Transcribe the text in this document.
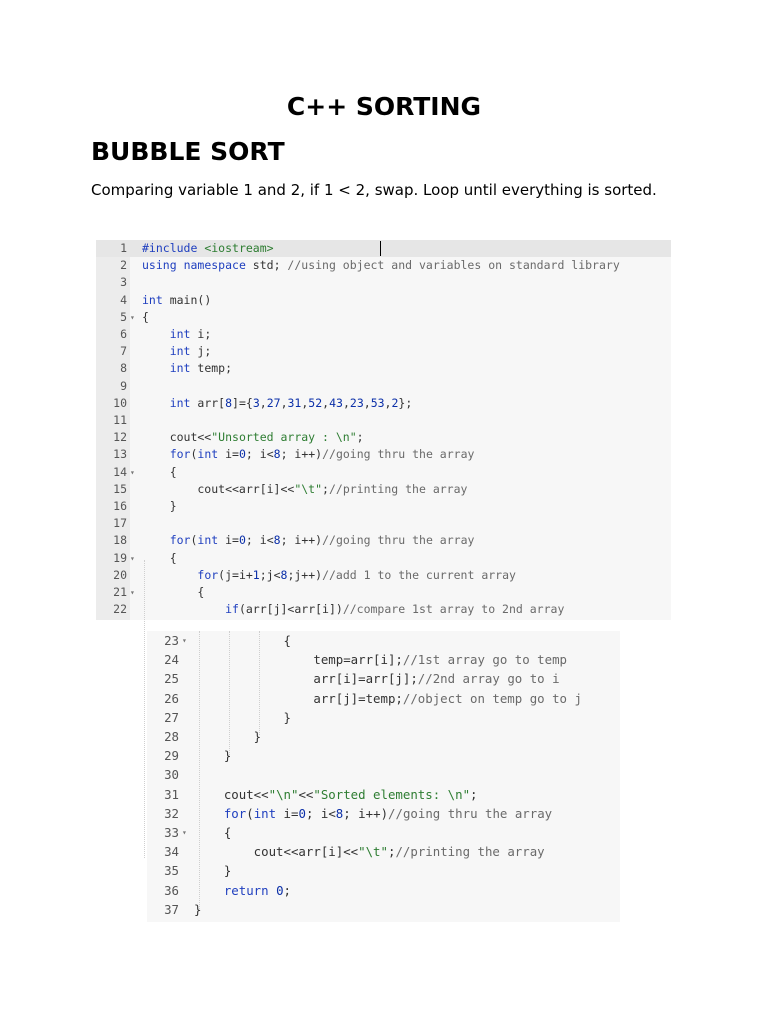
C++ SORTING
BUBBLE SORT

Comparing variable 1 and 2, if 1 < 2, swap. Loop until everything is sorted.

1 #include <iostream>
2 using namespace std; //using object and variables on standard library
3
4 int main()
5 ▾ {
6	int i;
7	int j;
8	int temp;
9
10	int arr[8]={3,27,31,52,43,23,53,2};
11
12 cout<<"Unsorted array : \n";
13	for(int i=0; i<8; i++)//going thru the array
14 ▾ {
15 cout<<arr[i]<<"\t";//printing the array
16 }
17
18	for(int i=0; i<8; i++)//going thru the array
19 ▾ {
20	for(j=i+1;j<8;j++)//add 1 to the current array
21 ▾ {
22	if(arr[j]<arr[i])//compare 1st array to 2nd array
23 ▾ {
24 temp=arr[i];//1st array go to temp
25 arr[i]=arr[j];//2nd array go to i
26 arr[j]=temp;//object on temp go to j
27 }
28 }
29 }
30
31 cout<<"\n"<<"Sorted elements: \n";
32	for(int i=0; i<8; i++)//going thru the array
33 ▾ {
34 cout<<arr[i]<<"\t";//printing the array
35 }
36	return 0;
37 }
